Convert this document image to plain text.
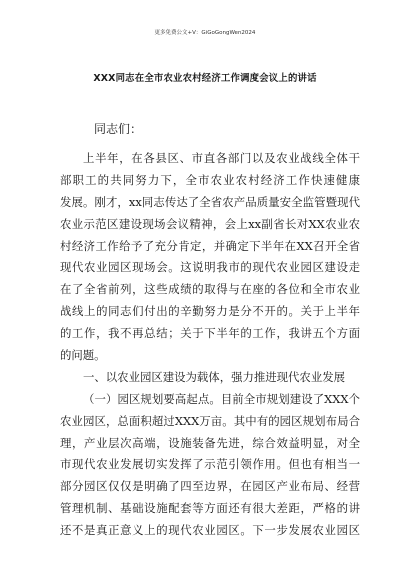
更多免费公文+V：GiGoGongWen2024
XXX同志在全市农业农村经济工作调度会议上的讲话
同志们：
上半年，在各县区、市直各部门以及农业战线全体干
部职工的共同努力下，全市农业农村经济工作快速健康
发展。刚才，xx同志传达了全省农产品质量安全监管暨现代
农业示范区建设现场会议精神，会上xx副省长对XX农业农
村经济工作给予了充分肯定，并确定下半年在XX召开全省
现代农业园区现场会。这说明我市的现代农业园区建设走
在了全省前列，这些成绩的取得与在座的各位和全市农业
战线上的同志们付出的辛勤努力是分不开的。关于上半年
的工作，我不再总结；关于下半年的工作，我讲五个方面
的问题。
一、以农业园区建设为载体，强力推进现代农业发展
（一）园区规划要高起点。目前全市规划建设了XXX个
农业园区，总面积超过XXX万亩。其中有的园区规划布局合
理，产业层次高端，设施装备先进，综合效益明显，对全
市现代农业发展切实发挥了示范引领作用。但也有相当一
部分园区仅仅是明确了四至边界，在园区产业布局、经营
管理机制、基础设施配套等方面还有很大差距，严格的讲
还不是真正意义上的现代农业园区。下一步发展农业园区
